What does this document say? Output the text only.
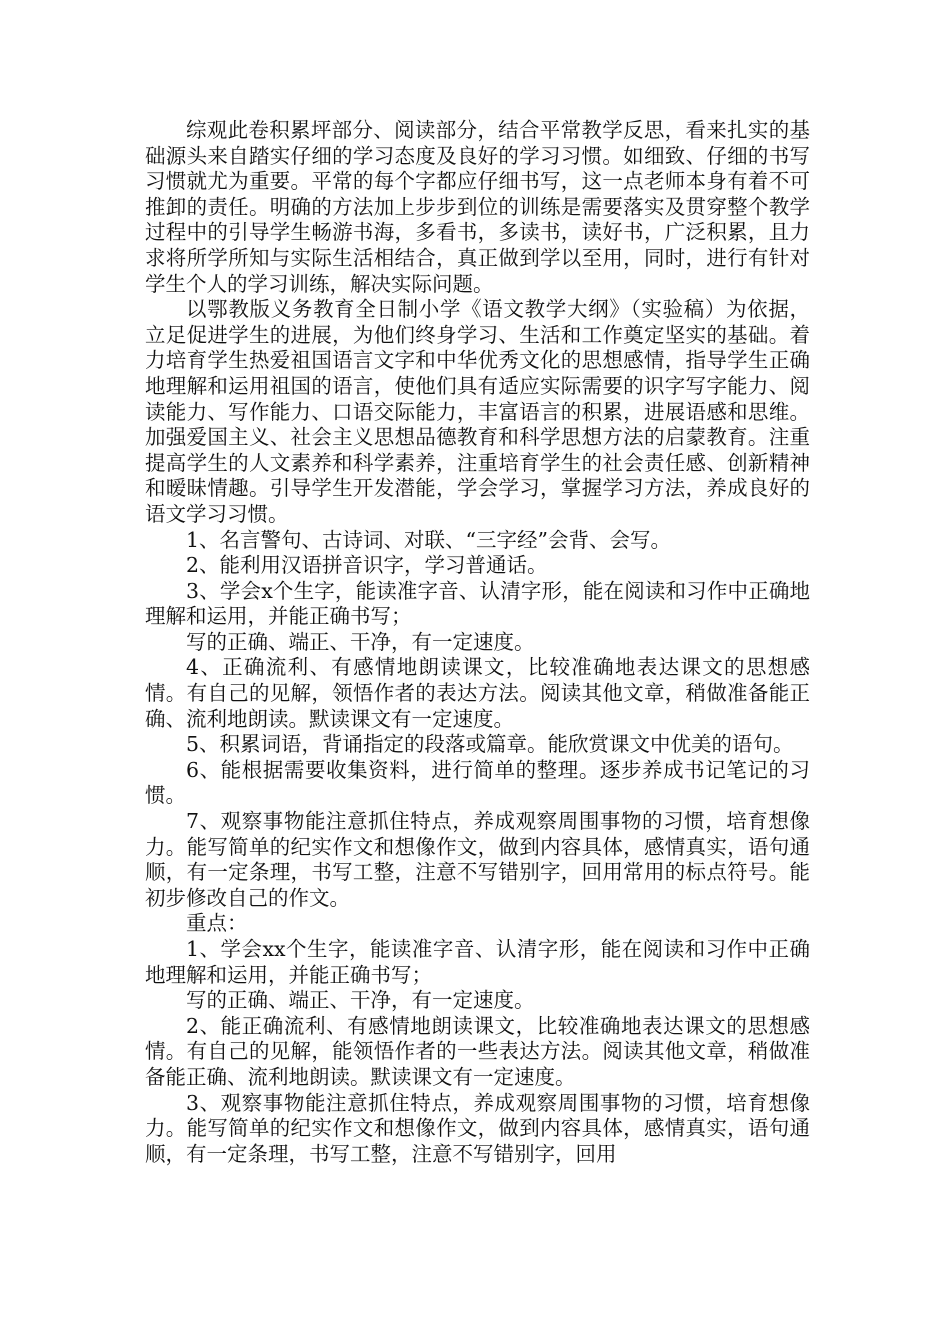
综观此卷积累坪部分、阅读部分，结合平常教学反思，看来扎实的基础源头来自踏实仔细的学习态度及良好的学习习惯。如细致、仔细的书写习惯就尤为重要。平常的每个字都应仔细书写，这一点老师本身有着不可推卸的责任。明确的方法加上步步到位的训练是需要落实及贯穿整个教学过程中的引导学生畅游书海，多看书，多读书，读好书，广泛积累，且力求将所学所知与实际生活相结合，真正做到学以至用，同时，进行有针对学生个人的学习训练，解决实际问题。

以鄂教版义务教育全日制小学《语文教学大纲》（实验稿）为依据，立足促进学生的进展，为他们终身学习、生活和工作奠定坚实的基础。着力培育学生热爱祖国语言文字和中华优秀文化的思想感情，指导学生正确地理解和运用祖国的语言，使他们具有适应实际需要的识字写字能力、阅读能力、写作能力、口语交际能力，丰富语言的积累，进展语感和思维。加强爱国主义、社会主义思想品德教育和科学思想方法的启蒙教育。注重提高学生的人文素养和科学素养，注重培育学生的社会责任感、创新精神和暧昧情趣。引导学生开发潜能，学会学习，掌握学习方法，养成良好的语文学习习惯。

1、名言警句、古诗词、对联、“三字经”会背、会写。

2、能利用汉语拼音识字，学习普通话。

3、学会x个生字，能读准字音、认清字形，能在阅读和习作中正确地理解和运用，并能正确书写；

写的正确、端正、干净，有一定速度。

4、正确流利、有感情地朗读课文，比较准确地表达课文的思想感情。有自己的见解，领悟作者的表达方法。阅读其他文章，稍做准备能正确、流利地朗读。默读课文有一定速度。

5、积累词语，背诵指定的段落或篇章。能欣赏课文中优美的语句。

6、能根据需要收集资料，进行简单的整理。逐步养成书记笔记的习惯。

7、观察事物能注意抓住特点，养成观察周围事物的习惯，培育想像力。能写简单的纪实作文和想像作文，做到内容具体，感情真实，语句通顺，有一定条理，书写工整，注意不写错别字，回用常用的标点符号。能初步修改自己的作文。

重点：

1、学会xx个生字，能读准字音、认清字形，能在阅读和习作中正确地理解和运用，并能正确书写；

写的正确、端正、干净，有一定速度。

2、能正确流利、有感情地朗读课文，比较准确地表达课文的思想感情。有自己的见解，能领悟作者的一些表达方法。阅读其他文章，稍做准备能正确、流利地朗读。默读课文有一定速度。

3、观察事物能注意抓住特点，养成观察周围事物的习惯，培育想像力。能写简单的纪实作文和想像作文，做到内容具体，感情真实，语句通顺，有一定条理，书写工整，注意不写错别字，回用
